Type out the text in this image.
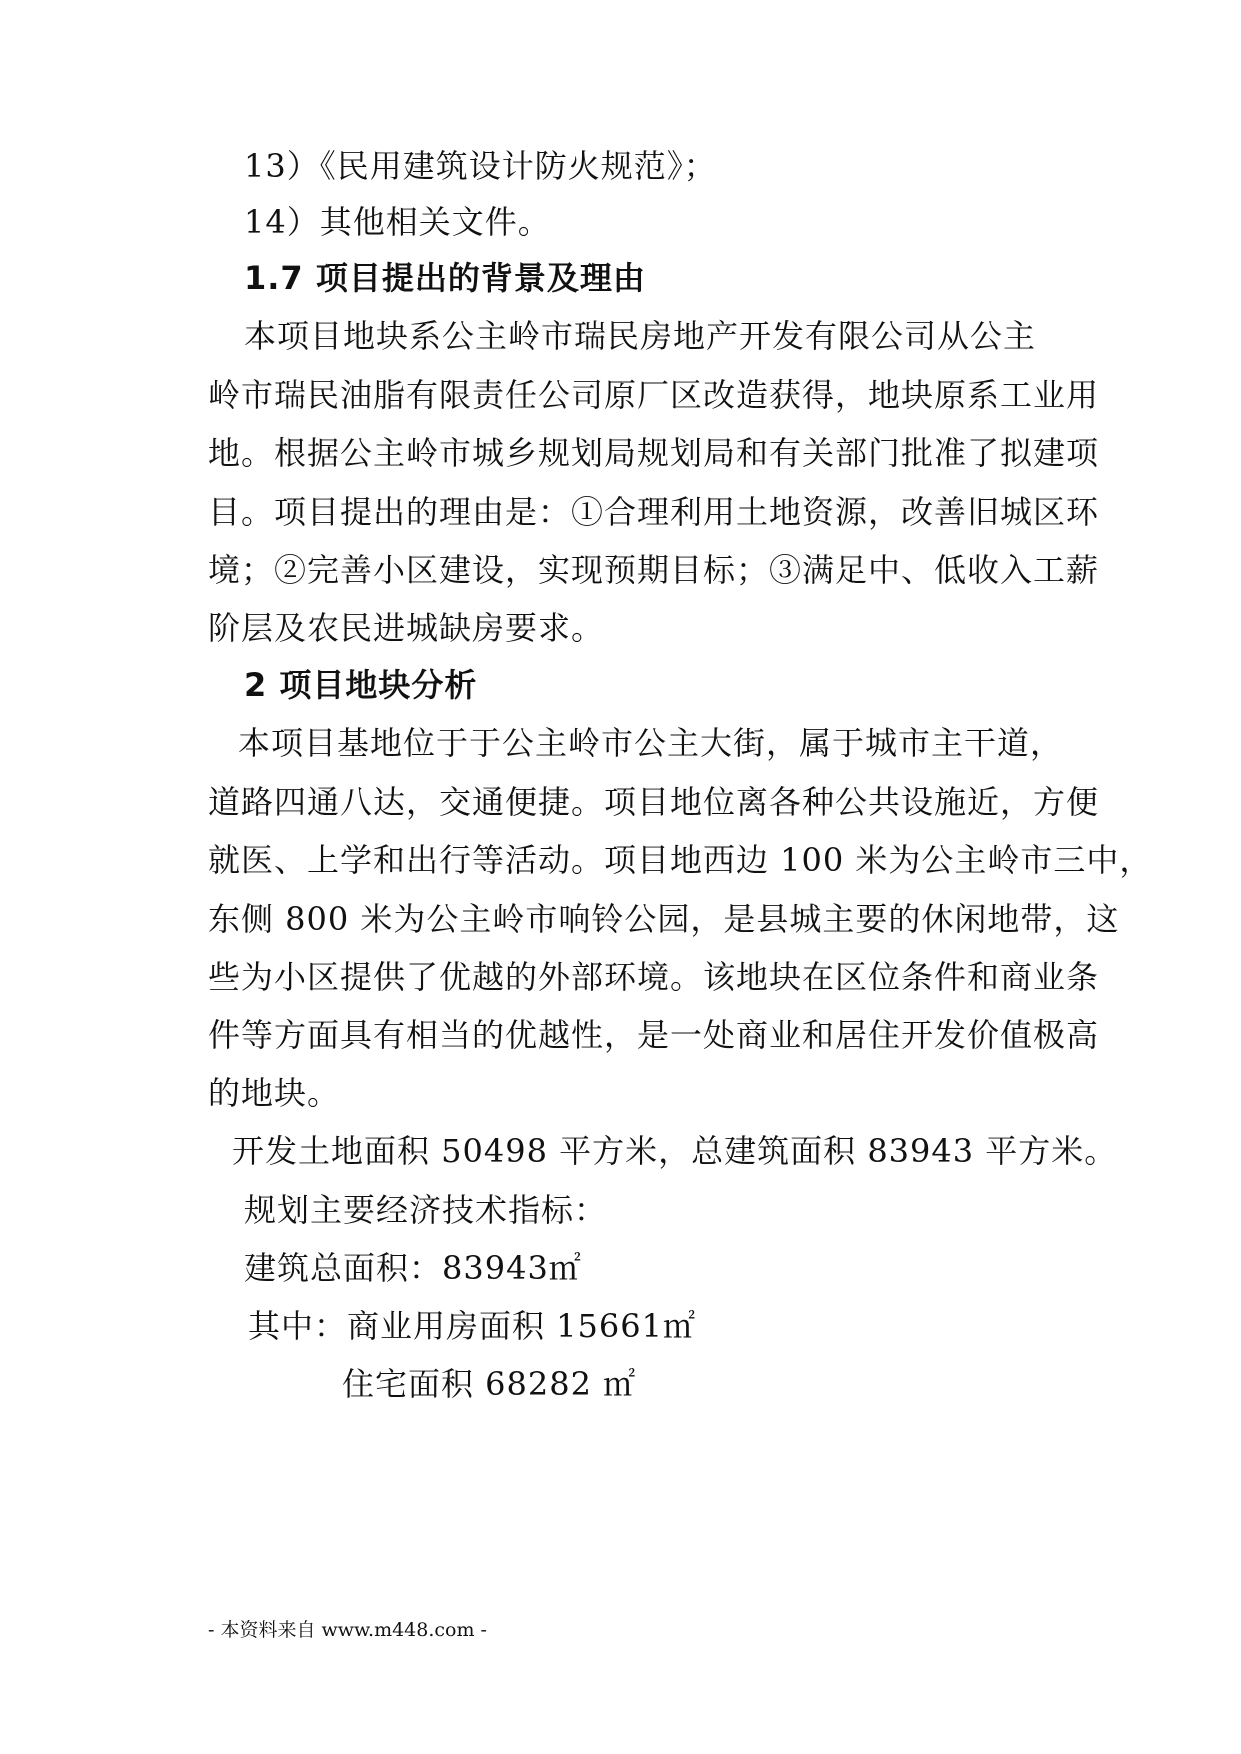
13）《民用建筑设计防火规范》；
14）其他相关文件。
1.7 项目提出的背景及理由
本项目地块系公主岭市瑞民房地产开发有限公司从公主
岭市瑞民油脂有限责任公司原厂区改造获得，地块原系工业用
地。根据公主岭市城乡规划局规划局和有关部门批准了拟建项
目。项目提出的理由是：①合理利用土地资源，改善旧城区环
境；②完善小区建设，实现预期目标；③满足中、低收入工薪
阶层及农民进城缺房要求。
2 项目地块分析
本项目基地位于于公主岭市公主大街，属于城市主干道，
道路四通八达，交通便捷。项目地位离各种公共设施近，方便
就医、上学和出行等活动。项目地西边 100 米为公主岭市三中，
东侧 800 米为公主岭市响铃公园，是县城主要的休闲地带，这
些为小区提供了优越的外部环境。该地块在区位条件和商业条
件等方面具有相当的优越性，是一处商业和居住开发价值极高
的地块。
开发土地面积 50498 平方米，总建筑面积 83943 平方米。
规划主要经济技术指标：
建筑总面积：83943㎡
其中：商业用房面积 15661㎡
住宅面积 68282 ㎡
- 本资料来自 www.m448.com -
